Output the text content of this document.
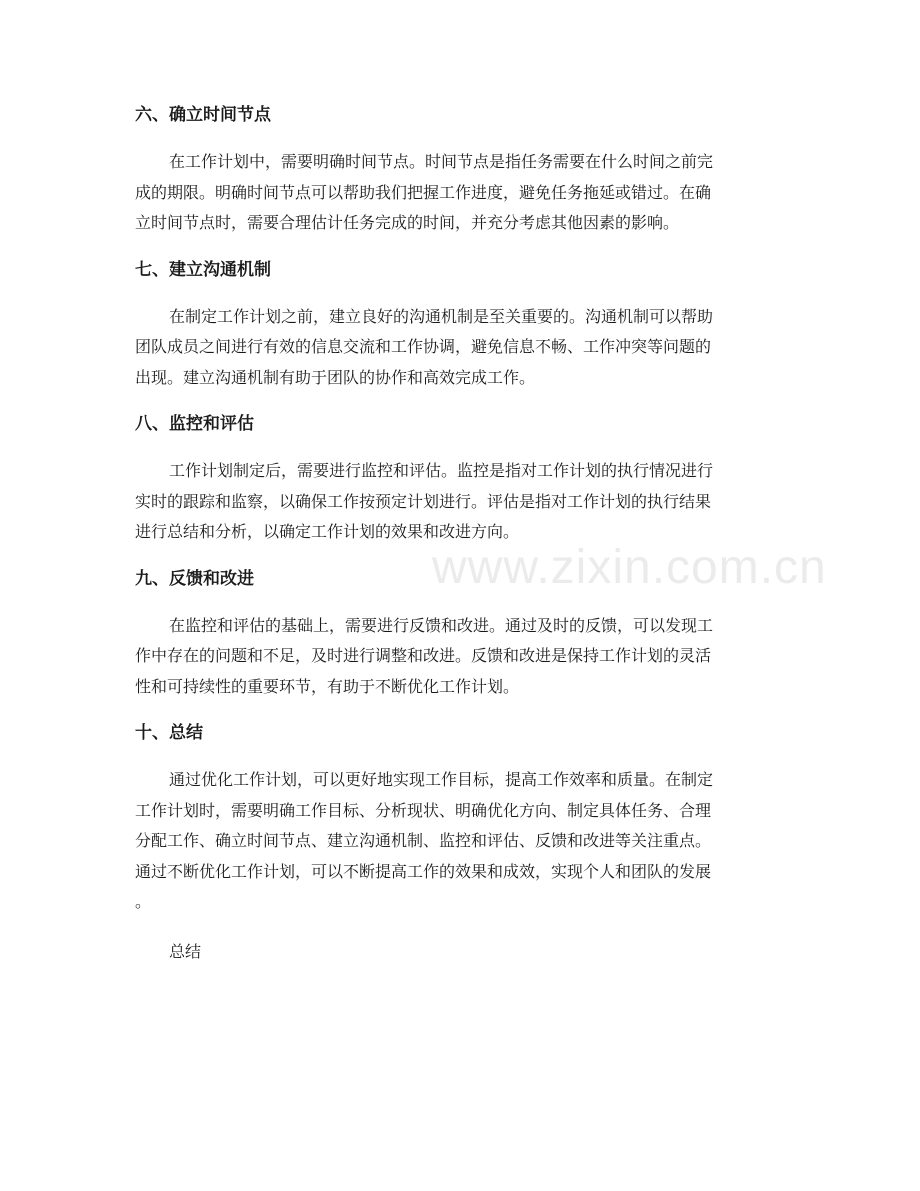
www.zixin.com.cn
六、确立时间节点
在工作计划中，需要明确时间节点。时间节点是指任务需要在什么时间之前完
成的期限。明确时间节点可以帮助我们把握工作进度，避免任务拖延或错过。在确
立时间节点时，需要合理估计任务完成的时间，并充分考虑其他因素的影响。
七、建立沟通机制
在制定工作计划之前，建立良好的沟通机制是至关重要的。沟通机制可以帮助
团队成员之间进行有效的信息交流和工作协调，避免信息不畅、工作冲突等问题的
出现。建立沟通机制有助于团队的协作和高效完成工作。
八、监控和评估
工作计划制定后，需要进行监控和评估。监控是指对工作计划的执行情况进行
实时的跟踪和监察，以确保工作按预定计划进行。评估是指对工作计划的执行结果
进行总结和分析，以确定工作计划的效果和改进方向。
九、反馈和改进
在监控和评估的基础上，需要进行反馈和改进。通过及时的反馈，可以发现工
作中存在的问题和不足，及时进行调整和改进。反馈和改进是保持工作计划的灵活
性和可持续性的重要环节，有助于不断优化工作计划。
十、总结
通过优化工作计划，可以更好地实现工作目标，提高工作效率和质量。在制定
工作计划时，需要明确工作目标、分析现状、明确优化方向、制定具体任务、合理
分配工作、确立时间节点、建立沟通机制、监控和评估、反馈和改进等关注重点。
通过不断优化工作计划，可以不断提高工作的效果和成效，实现个人和团队的发展
。
总结
